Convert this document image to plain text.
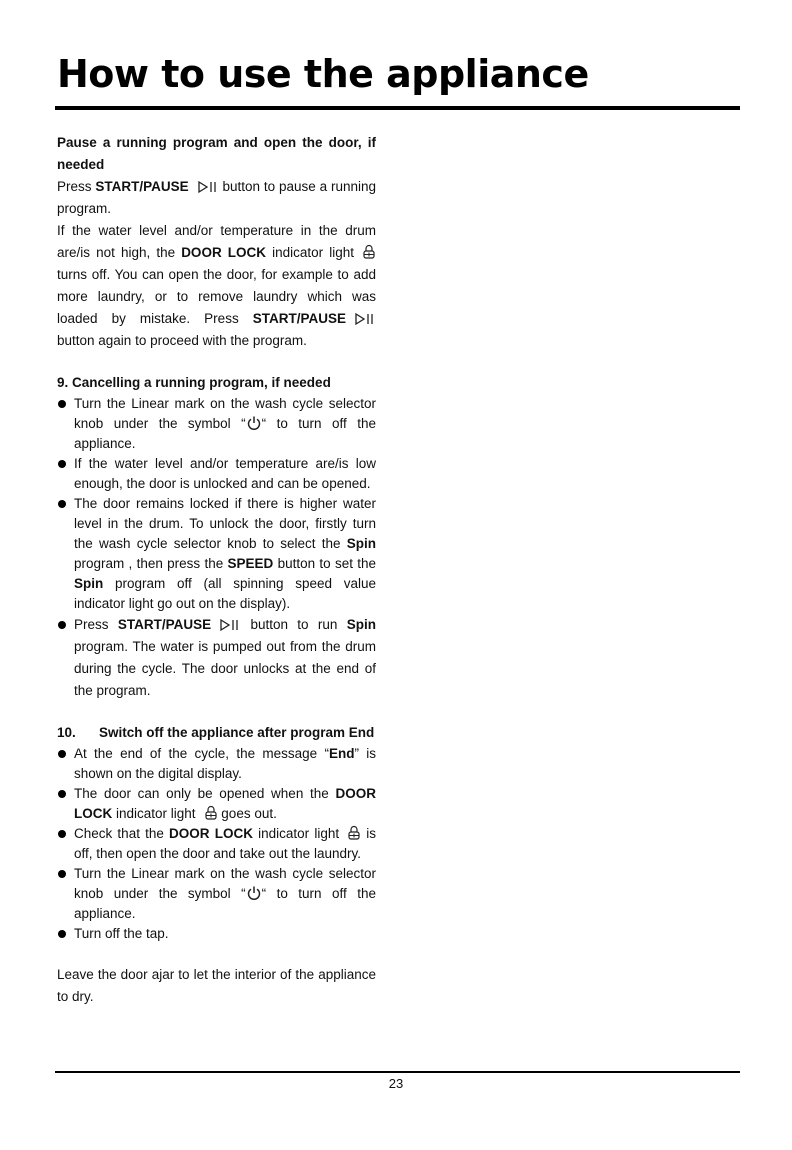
How to use the appliance

Pause a running program and open the door, if needed

Press START/PAUSE button to pause a running program.

If the water level and/or temperature in the drum are/is not high, the DOOR LOCK indicator light turns off. You can open the door, for example to add more laundry, or to remove laundry which was loaded by mistake. Press START/PAUSE button again to proceed with the program.

9. Cancelling a running program, if needed

Turn the Linear mark on the wash cycle selector knob under the symbol “ “ to turn off the appliance.
If the water level and/or temperature are/is low enough, the door is unlocked and can be opened.
The door remains locked if there is higher water level in the drum. To unlock the door, firstly turn the wash cycle selector knob to select the Spin program , then press the SPEED button to set the Spin program off (all spinning speed value indicator light go out on the display).
Press START/PAUSE button to run Spin program. The water is pumped out from the drum during the cycle. The door unlocks at the end of the program.

10. Switch off the appliance after program End

At the end of the cycle, the message “End” is shown on the digital display.
The door can only be opened when the DOOR LOCK indicator light goes out.
Check that the DOOR LOCK indicator light is off, then open the door and take out the laundry.
Turn the Linear mark on the wash cycle selector knob under the symbol “ “ to turn off the appliance.
Turn off the tap.

Leave the door ajar to let the interior of the appliance to dry.

23
